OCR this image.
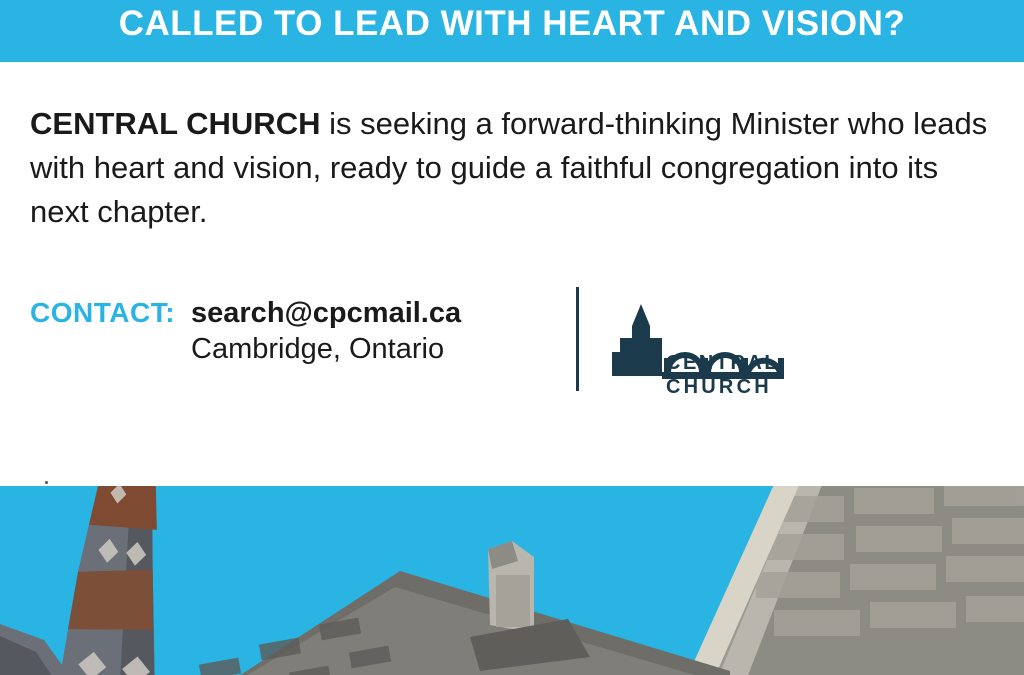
CALLED TO LEAD WITH HEART AND VISION?
CENTRAL CHURCH is seeking a forward-thinking Minister who leads with heart and vision, ready to guide a faithful congregation into its next chapter.
CONTACT: search@cpcmail.ca
Cambridge, Ontario	CENTRAL
CHURCH
